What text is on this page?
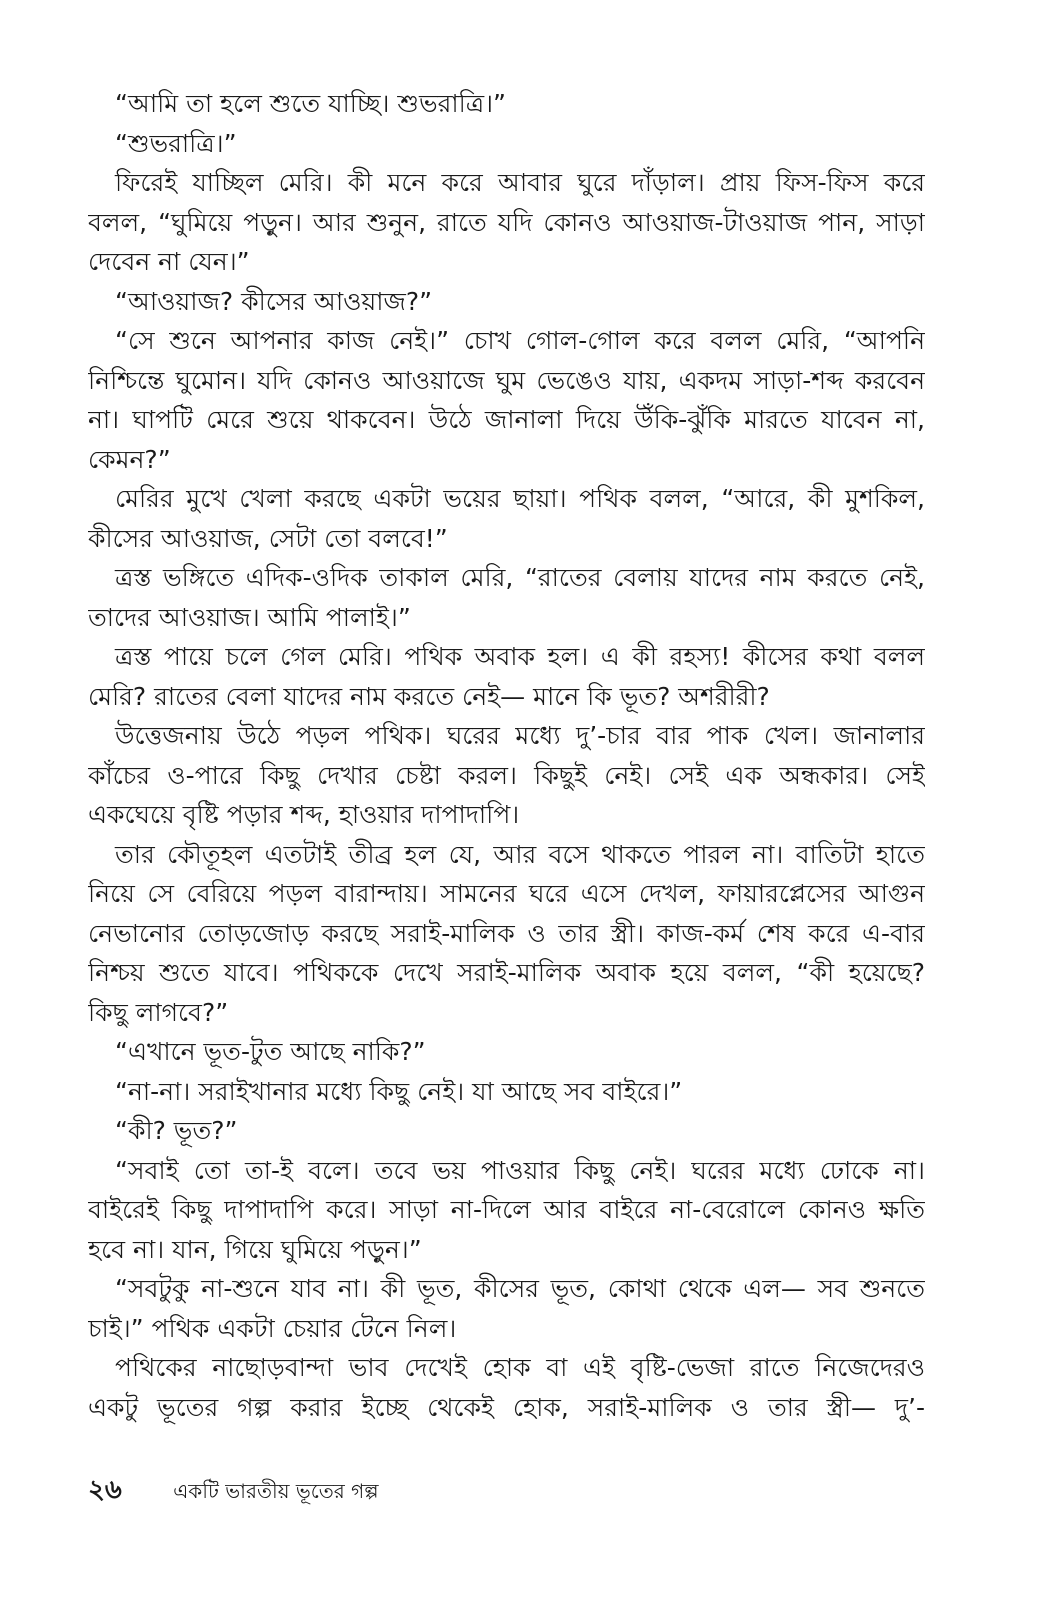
“আমি তা হলে শুতে যাচ্ছি। শুভরাত্রি।”
“শুভরাত্রি।”
ফিরেই যাচ্ছিল মেরি। কী মনে করে আবার ঘুরে দাঁড়াল। প্রায় ফিস-ফিস করে
বলল, “ঘুমিয়ে পড়ুন। আর শুনুন, রাতে যদি কোনও আওয়াজ-টাওয়াজ পান, সাড়া
দেবেন না যেন।”
“আওয়াজ? কীসের আওয়াজ?”
“সে শুনে আপনার কাজ নেই।” চোখ গোল-গোল করে বলল মেরি, “আপনি
নিশ্চিন্তে ঘুমোন। যদি কোনও আওয়াজে ঘুম ভেঙেও যায়, একদম সাড়া-শব্দ করবেন
না। ঘাপটি মেরে শুয়ে থাকবেন। উঠে জানালা দিয়ে উঁকি-ঝুঁকি মারতে যাবেন না,
কেমন?”
মেরির মুখে খেলা করছে একটা ভয়ের ছায়া। পথিক বলল, “আরে, কী মুশকিল,
কীসের আওয়াজ, সেটা তো বলবে!”
ত্রস্ত ভঙ্গিতে এদিক-ওদিক তাকাল মেরি, “রাতের বেলায় যাদের নাম করতে নেই,
তাদের আওয়াজ। আমি পালাই।”
ত্রস্ত পায়ে চলে গেল মেরি। পথিক অবাক হল। এ কী রহস্য! কীসের কথা বলল
মেরি? রাতের বেলা যাদের নাম করতে নেই— মানে কি ভূত? অশরীরী?
উত্তেজনায় উঠে পড়ল পথিক। ঘরের মধ্যে দু’-চার বার পাক খেল। জানালার
কাঁচের ও-পারে কিছু দেখার চেষ্টা করল। কিছুই নেই। সেই এক অন্ধকার। সেই
একঘেয়ে বৃষ্টি পড়ার শব্দ, হাওয়ার দাপাদাপি।
তার কৌতূহল এতটাই তীব্র হল যে, আর বসে থাকতে পারল না। বাতিটা হাতে
নিয়ে সে বেরিয়ে পড়ল বারান্দায়। সামনের ঘরে এসে দেখল, ফায়ারপ্লেসের আগুন
নেভানোর তোড়জোড় করছে সরাই-মালিক ও তার স্ত্রী। কাজ-কর্ম শেষ করে এ-বার
নিশ্চয় শুতে যাবে। পথিককে দেখে সরাই-মালিক অবাক হয়ে বলল, “কী হয়েছে?
কিছু লাগবে?”
“এখানে ভূত-টুত আছে নাকি?”
“না-না। সরাইখানার মধ্যে কিছু নেই। যা আছে সব বাইরে।”
“কী? ভূত?”
“সবাই তো তা-ই বলে। তবে ভয় পাওয়ার কিছু নেই। ঘরের মধ্যে ঢোকে না।
বাইরেই কিছু দাপাদাপি করে। সাড়া না-দিলে আর বাইরে না-বেরোলে কোনও ক্ষতি
হবে না। যান, গিয়ে ঘুমিয়ে পড়ুন।”
“সবটুকু না-শুনে যাব না। কী ভূত, কীসের ভূত, কোথা থেকে এল— সব শুনতে
চাই।” পথিক একটা চেয়ার টেনে নিল।
পথিকের নাছোড়বান্দা ভাব দেখেই হোক বা এই বৃষ্টি-ভেজা রাতে নিজেদেরও
একটু ভূতের গল্প করার ইচ্ছে থেকেই হোক, সরাই-মালিক ও তার স্ত্রী— দু’-
২৬	একটি ভারতীয় ভূতের গল্প
